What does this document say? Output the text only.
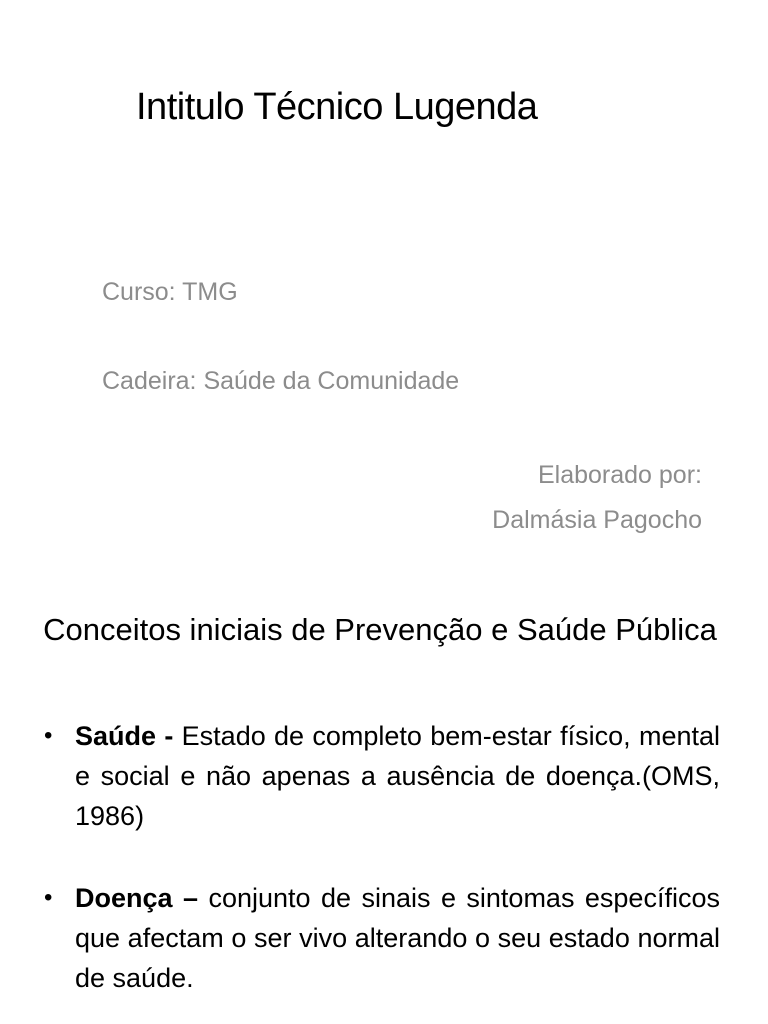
Intitulo Técnico Lugenda
Curso: TMG
Cadeira: Saúde da Comunidade
Elaborado por:
Dalmásia Pagocho
Conceitos iniciais de Prevenção e Saúde Pública
• Saúde - Estado de completo bem-estar físico, mental e social e não apenas a ausência de doença.(OMS, 1986)
• Doença – conjunto de sinais e sintomas específicos que afectam o ser vivo alterando o seu estado normal de saúde.
